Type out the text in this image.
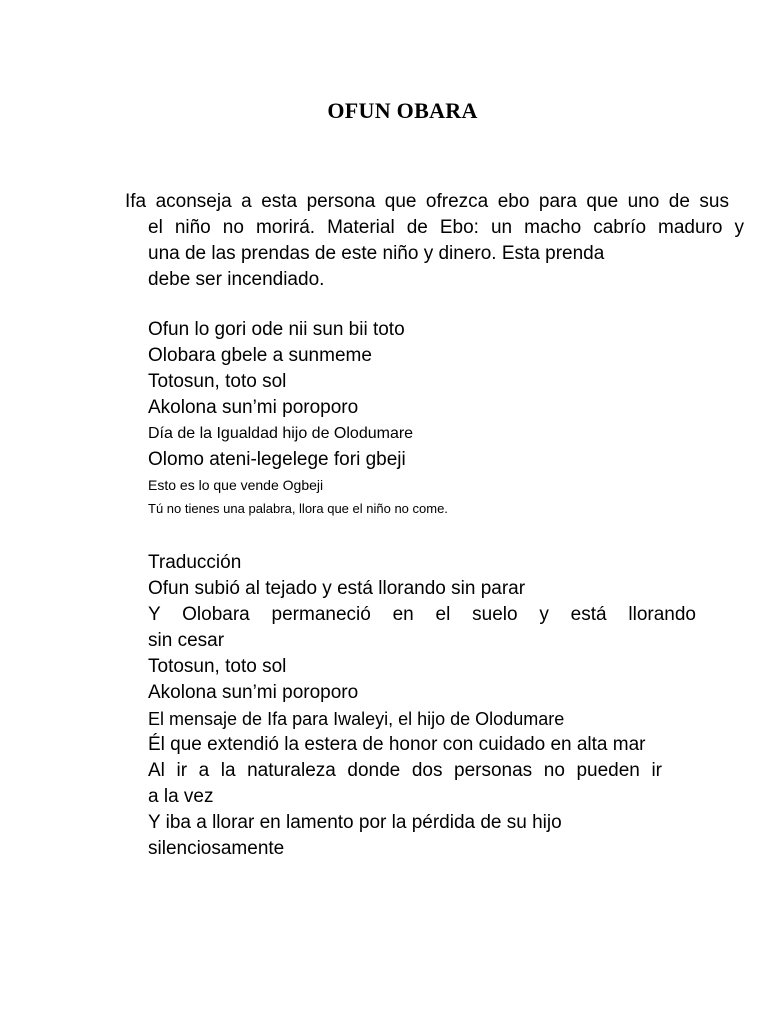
OFUN OBARA
Ifa aconseja a esta persona que ofrezca ebo para que uno de sus
el niño no morirá. Material de Ebo: un macho cabrío maduro y
una de las prendas de este niño y dinero. Esta prenda
debe ser incendiado.
Ofun lo gori ode nii sun bii toto
Olobara gbele a sunmeme
Totosun, toto sol
Akolona sun’mi poroporo
Día de la Igualdad hijo de Olodumare
Olomo ateni-legelege fori gbeji
Esto es lo que vende Ogbeji
Tú no tienes una palabra, llora que el niño no come.
Traducción
Ofun subió al tejado y está llorando sin parar
Y Olobara permaneció en el suelo y está llorando
sin cesar
Totosun, toto sol
Akolona sun’mi poroporo
El mensaje de Ifa para Iwaleyi, el hijo de Olodumare
Él que extendió la estera de honor con cuidado en alta mar
Al ir a la naturaleza donde dos personas no pueden ir
a la vez
Y iba a llorar en lamento por la pérdida de su hijo
silenciosamente
